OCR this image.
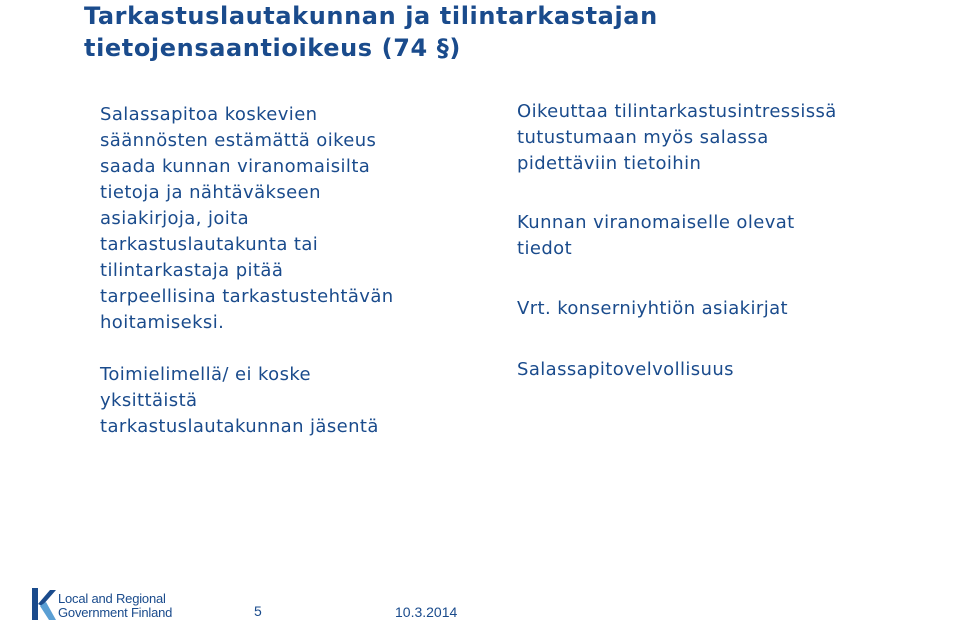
Tarkastuslautakunnan ja tilintarkastajan
tietojensaantioikeus (74 §)
Salassapitoa koskevien
säännösten estämättä oikeus
saada kunnan viranomaisilta
tietoja ja nähtäväkseen
asiakirjoja, joita
tarkastuslautakunta tai
tilintarkastaja pitää
tarpeellisina tarkastustehtävän
hoitamiseksi.
Toimielimellä/ ei koske
yksittäistä
tarkastuslautakunnan jäsentä
Oikeuttaa tilintarkastusintressissä
tutustumaan myös salassa
pidettäviin tietoihin
Kunnan viranomaiselle olevat
tiedot
Vrt. konserniyhtiön asiakirjat
Salassapitovelvollisuus
Local and Regional
Government Finland	5	10.3.2014
